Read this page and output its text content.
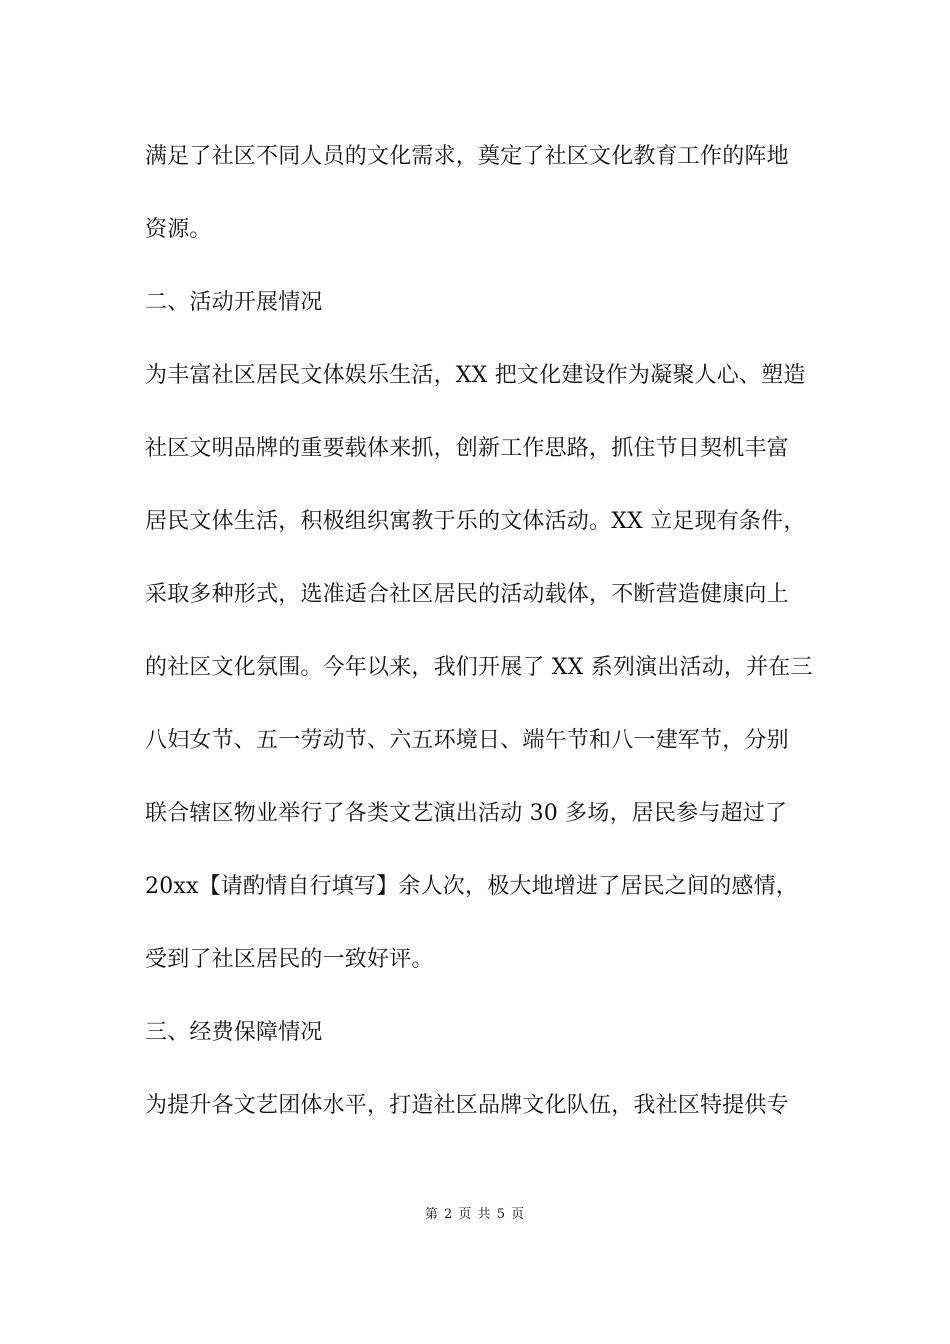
满足了社区不同人员的文化需求，奠定了社区文化教育工作的阵地
资源。
二、活动开展情况
为丰富社区居民文体娱乐生活，XX 把文化建设作为凝聚人心、塑造
社区文明品牌的重要载体来抓，创新工作思路，抓住节日契机丰富
居民文体生活，积极组织寓教于乐的文体活动。XX 立足现有条件，
采取多种形式，选准适合社区居民的活动载体，不断营造健康向上
的社区文化氛围。今年以来，我们开展了 XX 系列演出活动，并在三
八妇女节、五一劳动节、六五环境日、端午节和八一建军节，分别
联合辖区物业举行了各类文艺演出活动 30 多场，居民参与超过了
20xx【请酌情自行填写】余人次，极大地增进了居民之间的感情，
受到了社区居民的一致好评。
三、经费保障情况
为提升各文艺团体水平，打造社区品牌文化队伍，我社区特提供专
第 2 页 共 5 页
